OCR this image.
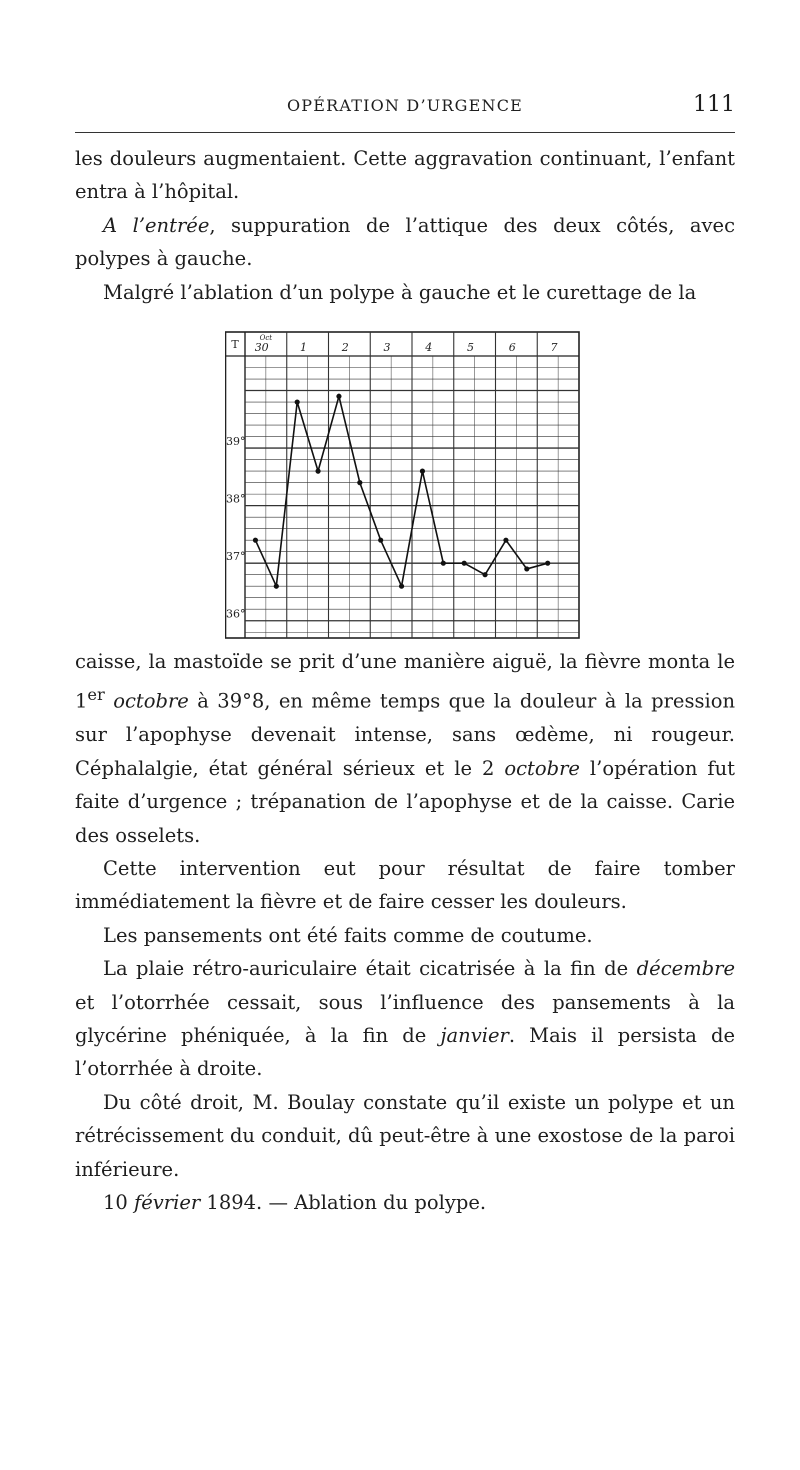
OPÉRATION D’URGENCE	111

les douleurs augmentaient. Cette aggravation continuant, l’enfant entra à l’hôpital.

A l’entrée, suppuration de l’attique des deux côtés, avec polypes à gauche.

Malgré l’ablation d’un polype à gauche et le curettage de la

T
39°
38°
37°
36°
Oct
30	1	2	3	4	5	6	7

caisse, la mastoïde se prit d’une manière aiguë, la fièvre monta le 1er octobre à 39°8, en même temps que la douleur à la pression sur l’apophyse devenait intense, sans œdème, ni rougeur. Céphalalgie, état général sérieux et le 2 octobre l’opération fut faite d’urgence ; trépanation de l’apophyse et de la caisse. Carie des osselets.

Cette intervention eut pour résultat de faire tomber immédiatement la fièvre et de faire cesser les douleurs.

Les pansements ont été faits comme de coutume.

La plaie rétro-auriculaire était cicatrisée à la fin de décembre et l’otorrhée cessait, sous l’influence des pansements à la glycérine phéniquée, à la fin de janvier. Mais il persista de l’otorrhée à droite.

Du côté droit, M. Boulay constate qu’il existe un polype et un rétrécissement du conduit, dû peut-être à une exostose de la paroi inférieure.

10 février 1894. — Ablation du polype.
